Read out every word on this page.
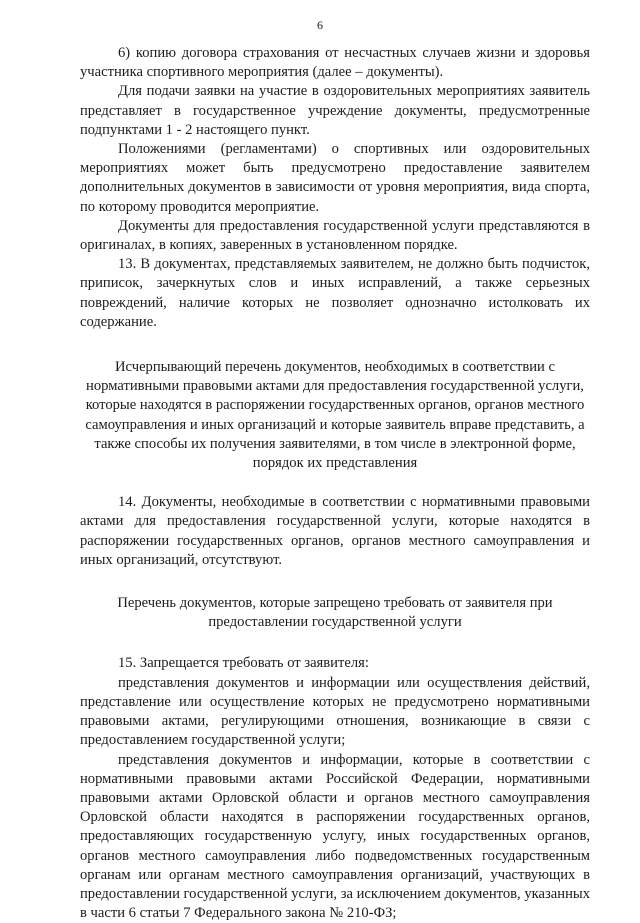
6

6) копию договора страхования от несчастных случаев жизни и здоровья участника спортивного мероприятия (далее – документы).

Для подачи заявки на участие в оздоровительных мероприятиях заявитель представляет в государственное учреждение документы, предусмотренные подпунктами 1 - 2 настоящего пункт.

Положениями (регламентами) о спортивных или оздоровительных мероприятиях может быть предусмотрено предоставление заявителем дополнительных документов в зависимости от уровня мероприятия, вида спорта, по которому проводится мероприятие.

Документы для предоставления государственной услуги представляются в оригиналах, в копиях, заверенных в установленном порядке.

13. В документах, представляемых заявителем, не должно быть подчисток, приписок, зачеркнутых слов и иных исправлений, а также серьезных повреждений, наличие которых не позволяет однозначно истолковать их содержание.

Исчерпывающий перечень документов, необходимых в соответствии с нормативными правовыми актами для предоставления государственной услуги, которые находятся в распоряжении государственных органов, органов местного самоуправления и иных организаций и которые заявитель вправе представить, а также способы их получения заявителями, в том числе в электронной форме, порядок их представления

14. Документы, необходимые в соответствии с нормативными правовыми актами для предоставления государственной услуги, которые находятся в распоряжении государственных органов, органов местного самоуправления и иных организаций, отсутствуют.

Перечень документов, которые запрещено требовать от заявителя при предоставлении государственной услуги

15. Запрещается требовать от заявителя:

представления документов и информации или осуществления действий, представление или осуществление которых не предусмотрено нормативными правовыми актами, регулирующими отношения, возникающие в связи с предоставлением государственной услуги;

представления документов и информации, которые в соответствии с нормативными правовыми актами Российской Федерации, нормативными правовыми актами Орловской области и органов местного самоуправления Орловской области находятся в распоряжении государственных органов, предоставляющих государственную услугу, иных государственных органов, органов местного самоуправления либо подведомственных государственным органам или органам местного самоуправления организаций, участвующих в предоставлении государственной услуги, за исключением документов, указанных в части 6 статьи 7 Федерального закона № 210-ФЗ;
